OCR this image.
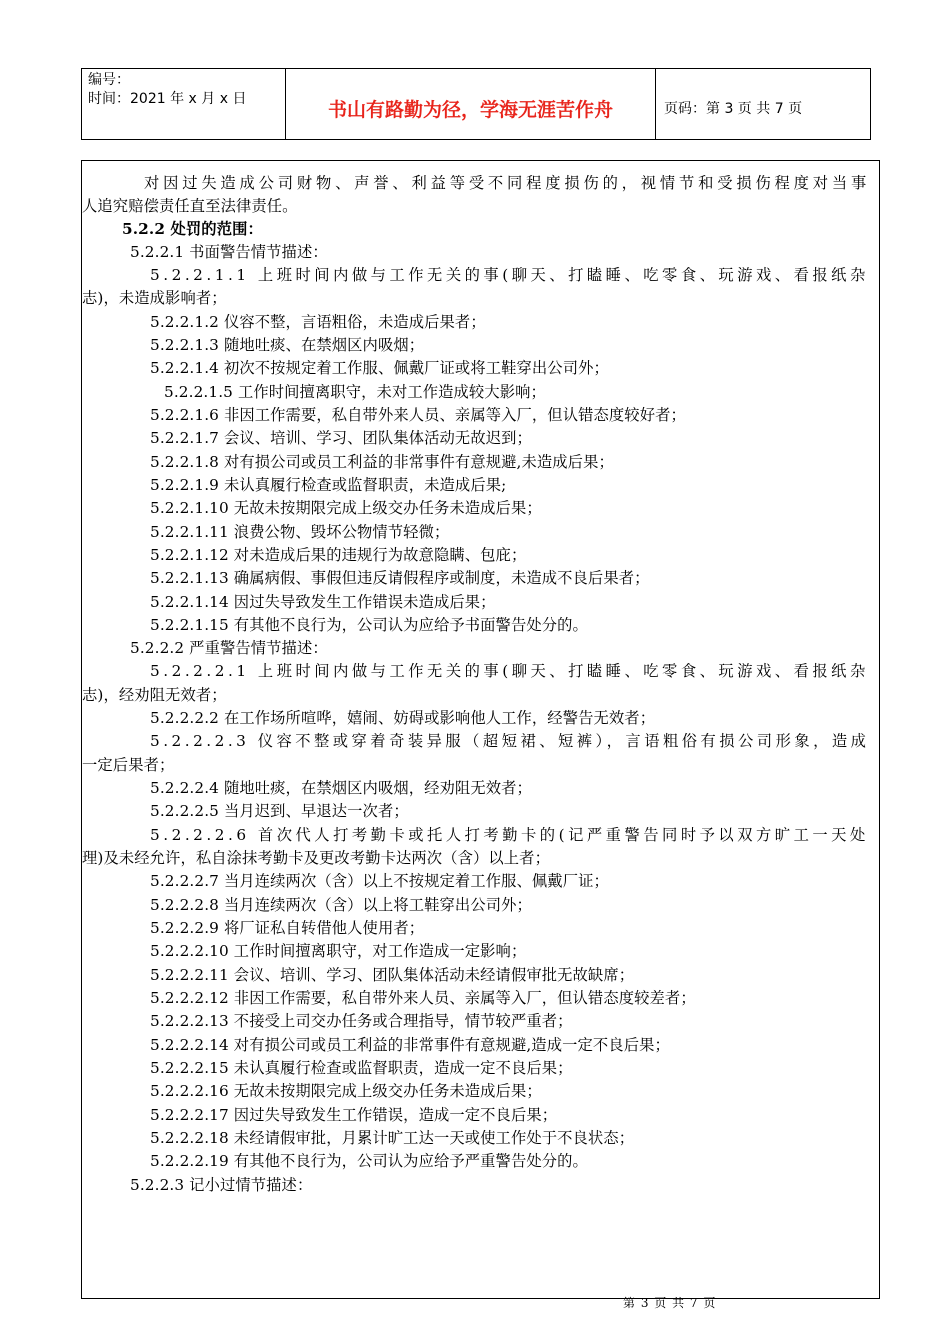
编号：
时间：2021 年 x 月 x 日	书山有路勤为径，学海无涯苦作舟	页码：第 3 页 共 7 页
对因过失造成公司财物、声誉、利益等受不同程度损伤的，视情节和受损伤程度对当事
人追究赔偿责任直至法律责任。
5.2.2 处罚的范围：
5.2.2.1 书面警告情节描述：
5.2.2.1.1 上班时间内做与工作无关的事(聊天、打瞌睡、吃零食、玩游戏、看报纸杂
志)，未造成影响者；
5.2.2.1.2 仪容不整，言语粗俗，未造成后果者；
5.2.2.1.3 随地吐痰、在禁烟区内吸烟；
5.2.2.1.4 初次不按规定着工作服、佩戴厂证或将工鞋穿出公司外；
5.2.2.1.5 工作时间擅离职守，未对工作造成较大影响；
5.2.2.1.6 非因工作需要，私自带外来人员、亲属等入厂，但认错态度较好者；
5.2.2.1.7 会议、培训、学习、团队集体活动无故迟到；
5.2.2.1.8 对有损公司或员工利益的非常事件有意规避,未造成后果；
5.2.2.1.9 未认真履行检查或监督职责，未造成后果;
5.2.2.1.10 无故未按期限完成上级交办任务未造成后果；
5.2.2.1.11 浪费公物、毁坏公物情节轻微；
5.2.2.1.12 对未造成后果的违规行为故意隐瞒、包庇；
5.2.2.1.13 确属病假、事假但违反请假程序或制度，未造成不良后果者；
5.2.2.1.14 因过失导致发生工作错误未造成后果；
5.2.2.1.15 有其他不良行为，公司认为应给予书面警告处分的。
5.2.2.2 严重警告情节描述：
5.2.2.2.1 上班时间内做与工作无关的事(聊天、打瞌睡、吃零食、玩游戏、看报纸杂
志)，经劝阻无效者；
5.2.2.2.2 在工作场所喧哗，嬉闹、妨碍或影响他人工作，经警告无效者；
5.2.2.2.3 仪容不整或穿着奇装异服（超短裙、短裤），言语粗俗有损公司形象，造成
一定后果者；
5.2.2.2.4 随地吐痰，在禁烟区内吸烟，经劝阻无效者；
5.2.2.2.5 当月迟到、早退达一次者；
5.2.2.2.6 首次代人打考勤卡或托人打考勤卡的(记严重警告同时予以双方旷工一天处
理)及未经允许，私自涂抹考勤卡及更改考勤卡达两次（含）以上者；
5.2.2.2.7 当月连续两次（含）以上不按规定着工作服、佩戴厂证；
5.2.2.2.8 当月连续两次（含）以上将工鞋穿出公司外；
5.2.2.2.9 将厂证私自转借他人使用者；
5.2.2.2.10 工作时间擅离职守，对工作造成一定影响；
5.2.2.2.11 会议、培训、学习、团队集体活动未经请假审批无故缺席；
5.2.2.2.12 非因工作需要，私自带外来人员、亲属等入厂，但认错态度较差者；
5.2.2.2.13 不接受上司交办任务或合理指导，情节较严重者；
5.2.2.2.14 对有损公司或员工利益的非常事件有意规避,造成一定不良后果；
5.2.2.2.15 未认真履行检查或监督职责，造成一定不良后果；
5.2.2.2.16 无故未按期限完成上级交办任务未造成后果；
5.2.2.2.17 因过失导致发生工作错误，造成一定不良后果；
5.2.2.2.18 未经请假审批，月累计旷工达一天或使工作处于不良状态；
5.2.2.2.19 有其他不良行为，公司认为应给予严重警告处分的。
5.2.2.3 记小过情节描述：
第 3 页 共 7 页
